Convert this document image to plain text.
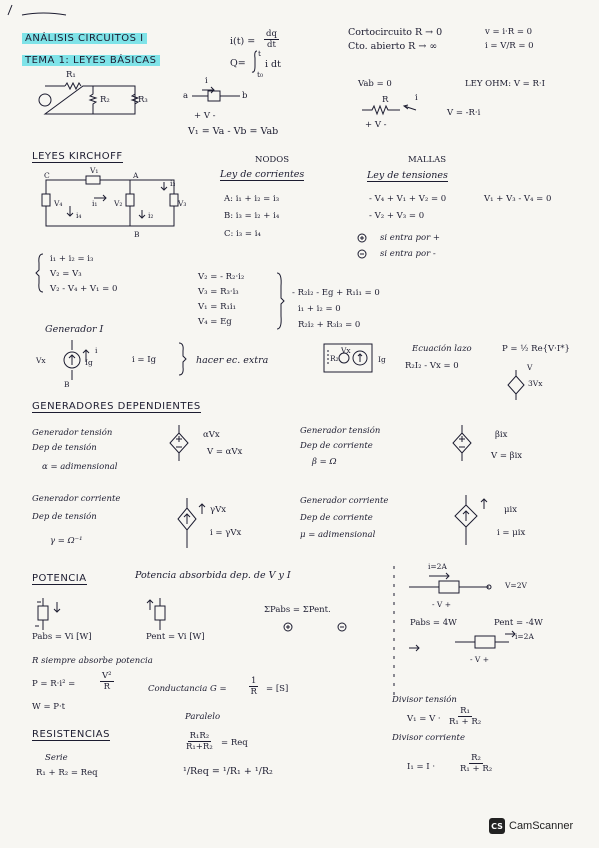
ANÁLISIS CIRCUITOS I
TEMA 1: LEYES BÁSICAS
$i(t) = \frac{dq}{dt}$
Q=
t
t₀
i dt
Cortocircuito R → 0	v = i·R = 0
Cto. abierto R → ∞	i = V/R = 0
R₁
R₂	R₃	a	b
i
+ V -
V₁ = Va - Vb = Vab
Vab = 0	LEY OHM: V = R·I
R	i
+ V -
V = -R·i
LEYES KIRCHOFF	NODOS
Ley de corrientes
A: i₁ + i₂ = i₃
B: i₃ = i₂ + i₄
C: i₃ = i₄
MALLAS
Ley de tensiones
- V₄ + V₁ + V₂ = 0
- V₂ + V₃ = 0
V₁ + V₃ - V₄ = 0
si entra por +
si entra por -
C	A
B
V₁
V₂	V₃
V₄	i₁
i₂
i₃
i₄
i₁ + i₂ = i₃
V₂ = V₃
V₂ - V₄ + V₁ = 0
V₂ = - R₂·i₂
V₃ = R₃·i₃
V₁ = R₁i₁
V₄ = Eg
- R₂i₂ - Eg + R₁i₁ = 0
i₁ + i₂ = 0
R₂i₂ + R₃i₃ = 0
Generador I
Vx	Ig
i
B
i = Ig	hacer ec. extra	R₂
Vx
Ig
Ecuación lazo
R₂I₂ - Vx = 0
P = ½ Re{V·I*}
V
3Vx
GENERADORES DEPENDIENTES
Generador tensión
Dep de tensión
α = adimensional
αVx
V = αVx
Generador tensión
Dep de corriente
β = Ω
βix
V = βix
Generador corriente
Dep de tensión
γ = Ω⁻¹
γVx
i = γVx
Generador corriente
Dep de corriente
μ = adimensional
μix
i = μix
POTENCIA	Potencia absorbida dep. de V y I
Pabs = Vi [W]	Pent = Vi [W]
ΣPabs = ΣPent.
R siempre absorbe potencia
P = R·i² =	$\frac{\text{V²}}{R}$
W = P·t
Conductancia G =	$\frac{1}{R} = [S]$
i=2A
V=2V
- V +
Pabs = 4W	Pent = -4W
i=2A
- V +
RESISTENCIAS
Serie
R₁ + R₂ = Req
Paralelo
$\frac{\text{R₁R₂}}{\text{R₁+R₂}}$ = Req
¹/Req = ¹/R₁ + ¹/R₂
Divisor tensión
$V_1 = V \cdot \frac{\text{R₁}}{\text{R₁ + R₂}}$
Divisor corriente
I₁ = I ·	$\frac{\text{R₂}}{\text{R₁ + R₂}}$
CS CamScanner
